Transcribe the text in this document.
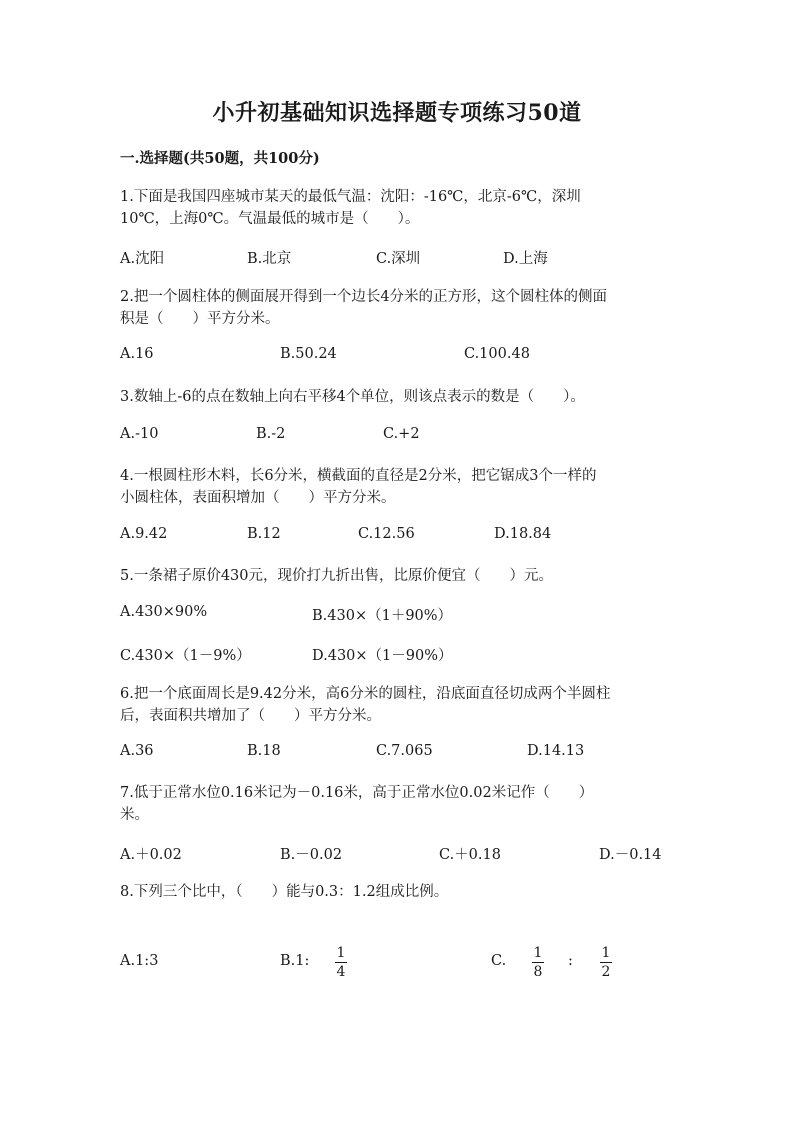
小升初基础知识选择题专项练习50道
一.选择题(共50题，共100分)
1.下面是我国四座城市某天的最低气温：沈阳：-16℃，北京-6℃，深圳
10℃，上海0℃。气温最低的城市是（　　）。
A.沈阳	B.北京	C.深圳	D.上海
2.把一个圆柱体的侧面展开得到一个边长4分米的正方形，这个圆柱体的侧面
积是（　　）平方分米。
A.16	B.50.24	C.100.48
3.数轴上-6的点在数轴上向右平移4个单位，则该点表示的数是（　　）。
A.-10	B.-2	C.+2
4.一根圆柱形木料，长6分米，横截面的直径是2分米，把它锯成3个一样的
小圆柱体，表面积增加（　　）平方分米。
A.9.42	B.12	C.12.56	D.18.84
5.一条裙子原价430元，现价打九折出售，比原价便宜（　　）元。
A.430×90%	B.430×（1＋90%）
C.430×（1－9%）	D.430×（1－90%）
6.把一个底面周长是9.42分米，高6分米的圆柱，沿底面直径切成两个半圆柱
后，表面积共增加了（　　）平方分米。
A.36	B.18	C.7.065	D.14.13
7.低于正常水位0.16米记为－0.16米，高于正常水位0.02米记作（　　）
米。
A.＋0.02	B.－0.02	C.＋0.18	D.－0.14
8.下列三个比中，（　　）能与0.3：1.2组成比例。
A.1:3	B.1: 1
4
C. 1
8
: 1
2
